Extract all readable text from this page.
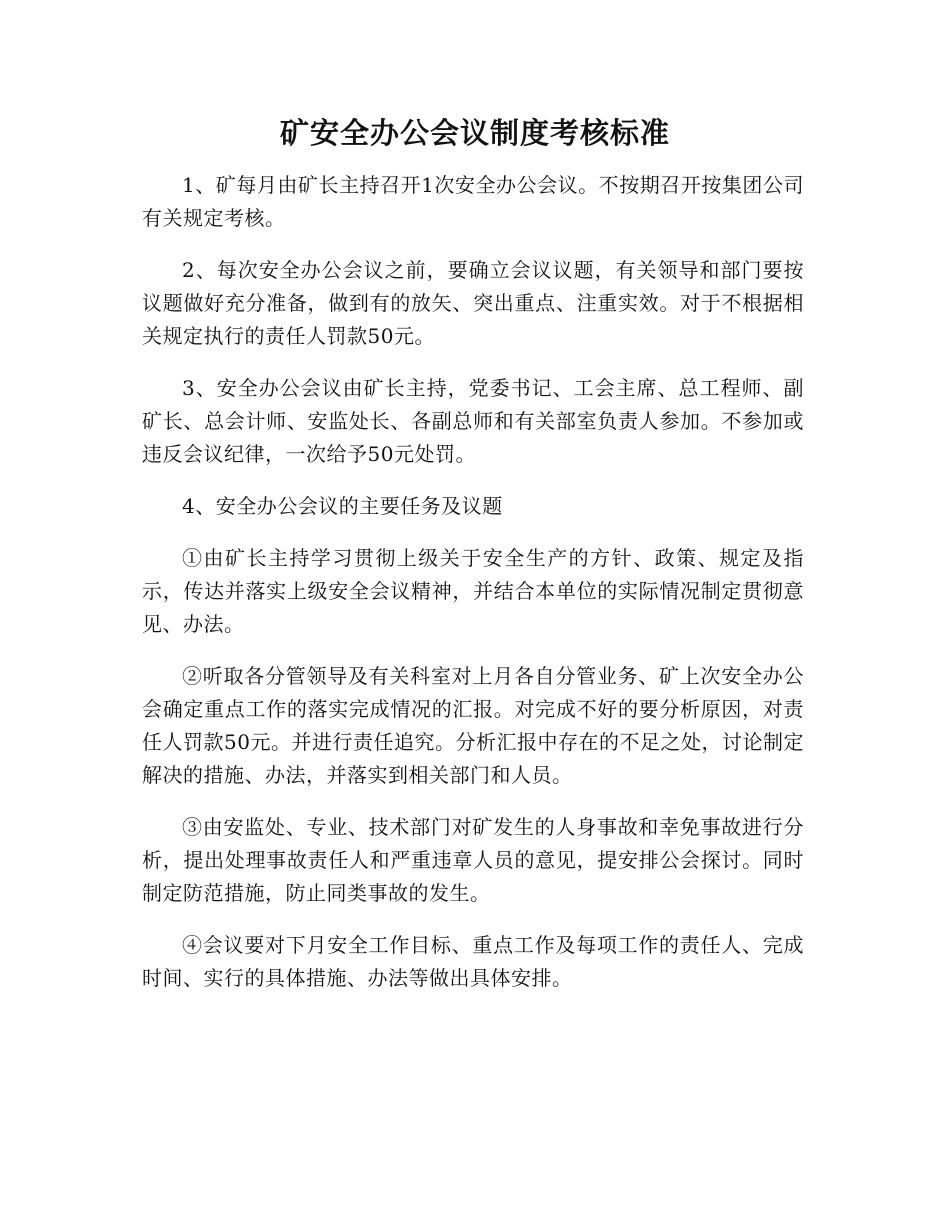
矿安全办公会议制度考核标准

1、矿每月由矿长主持召开1次安全办公会议。不按期召开按集团公司有关规定考核。

2、每次安全办公会议之前，要确立会议议题，有关领导和部门要按议题做好充分准备，做到有的放矢、突出重点、注重实效。对于不根据相关规定执行的责任人罚款50元。

3、安全办公会议由矿长主持，党委书记、工会主席、总工程师、副矿长、总会计师、安监处长、各副总师和有关部室负责人参加。不参加或违反会议纪律，一次给予50元处罚。

4、安全办公会议的主要任务及议题

①由矿长主持学习贯彻上级关于安全生产的方针、政策、规定及指示，传达并落实上级安全会议精神，并结合本单位的实际情况制定贯彻意见、办法。

②听取各分管领导及有关科室对上月各自分管业务、矿上次安全办公会确定重点工作的落实完成情况的汇报。对完成不好的要分析原因，对责任人罚款50元。并进行责任追究。分析汇报中存在的不足之处，讨论制定解决的措施、办法，并落实到相关部门和人员。

③由安监处、专业、技术部门对矿发生的人身事故和幸免事故进行分析，提出处理事故责任人和严重违章人员的意见，提安排公会探讨。同时制定防范措施，防止同类事故的发生。

④会议要对下月安全工作目标、重点工作及每项工作的责任人、完成时间、实行的具体措施、办法等做出具体安排。
